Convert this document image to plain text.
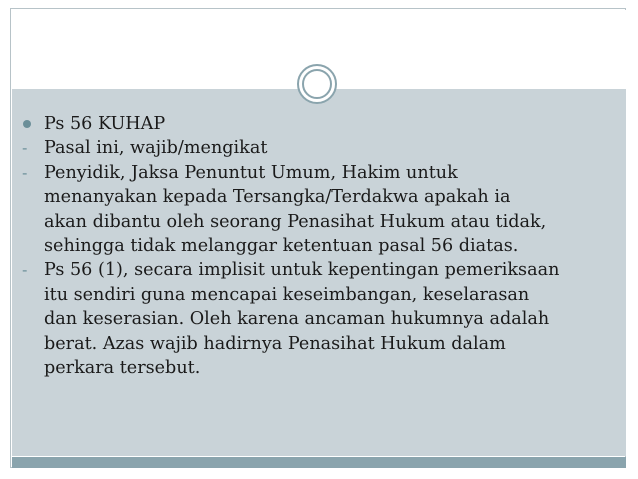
Ps 56 KUHAP
- Pasal ini, wajib/mengikat
- Penyidik, Jaksa Penuntut Umum, Hakim untuk
menanyakan kepada Tersangka/Terdakwa apakah ia
akan dibantu oleh seorang Penasihat Hukum atau tidak,
sehingga tidak melanggar ketentuan pasal 56 diatas.
- Ps 56 (1), secara implisit untuk kepentingan pemeriksaan
itu sendiri guna mencapai keseimbangan, keselarasan
dan keserasian. Oleh karena ancaman hukumnya adalah
berat. Azas wajib hadirnya Penasihat Hukum dalam
perkara tersebut.
